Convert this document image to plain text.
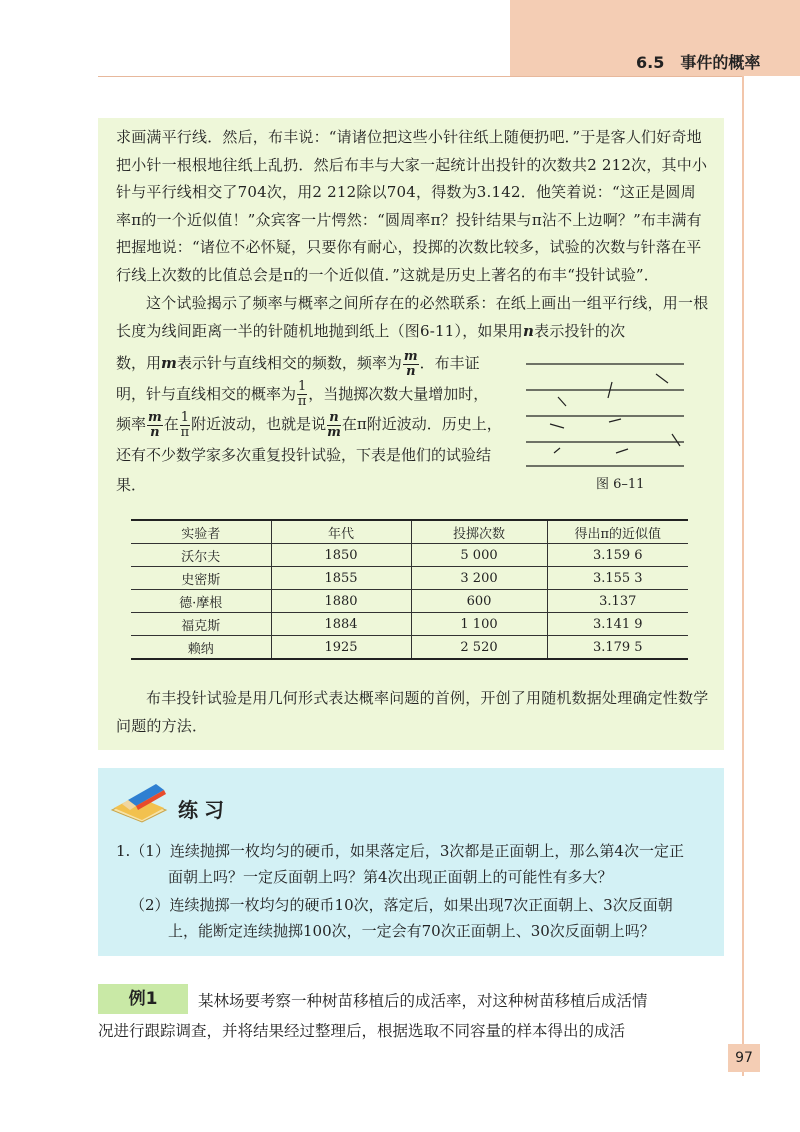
6.5　事件的概率

求画满平行线．然后，布丰说：“请诸位把这些小针往纸上随便扔吧．”于是客人们好奇地把小针一根根地往纸上乱扔．然后布丰与大家一起统计出投针的次数共2 212次，其中小针与平行线相交了704次，用2 212除以704，得数为3.142．他笑着说：“这正是圆周率π的一个近似值！”众宾客一片愕然：“圆周率π？投针结果与π沾不上边啊？”布丰满有把握地说：“诸位不必怀疑，只要你有耐心，投掷的次数比较多，试验的次数与针落在平行线上次数的比值总会是π的一个近似值．”这就是历史上著名的布丰“投针试验”．

这个试验揭示了频率与概率之间所存在的必然联系：在纸上画出一组平行线，用一根长度为线间距离一半的针随机地抛到纸上（图6-11），如果用n表示投针的次

数，用m表示针与直线相交的频数，频率为 $\frac{m}{n}$ ．布丰证明，针与直线相交的概率为 $\frac{1}{\pi}$ ，当抛掷次数大量增加时，频率 $\frac{m}{n}$ 在 $\frac{1}{\pi}$ 附近波动，也就是说 $\frac{n}{m}$ 在π附近波动．历史上，还有不少数学家多次重复投针试验，下表是他们的试验结果．	图 6–11
实验者	年代	投掷次数	得出π的近似值
沃尔夫	1850	5 000	3.159 6
史密斯	1855	3 200	3.155 3
德·摩根	1880	600	3.137
福克斯	1884	1 100	3.141 9
赖纳	1925	2 520	3.179 5

布丰投针试验是用几何形式表达概率问题的首例，开创了用随机数据处理确定性数学问题的方法．

练习
1.（1）连续抛掷一枚均匀的硬币，如果落定后，3次都是正面朝上，那么第4次一定正
面朝上吗？一定反面朝上吗？第4次出现正面朝上的可能性有多大？
（2）连续抛掷一枚均匀的硬币10次，落定后，如果出现7次正面朝上、3次反面朝
上，能断定连续抛掷100次，一定会有70次正面朝上、30次反面朝上吗？
例1	某林场要考察一种树苗移植后的成活率，对这种树苗移植后成活情
况进行跟踪调查，并将结果经过整理后，根据选取不同容量的样本得出的成活
97
